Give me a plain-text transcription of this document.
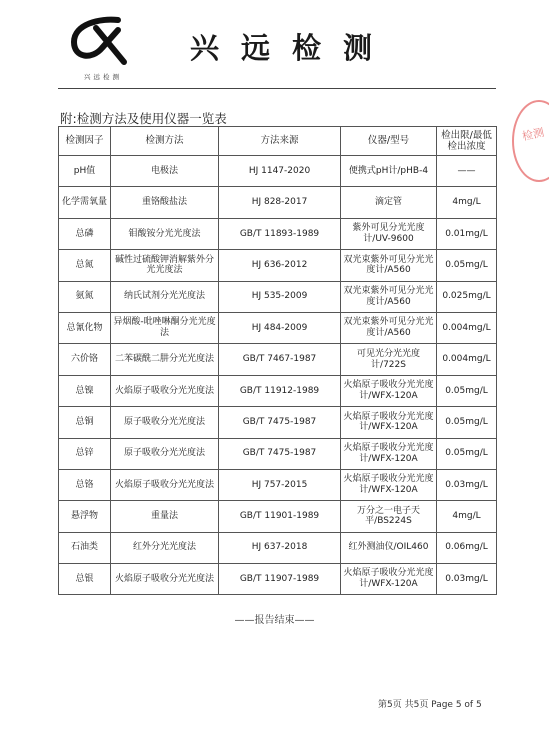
兴远检测
兴远检测
检测
附:检测方法及使用仪器一览表
检测因子	检测方法	方法来源	仪器/型号	检出限/最低检出浓度
pH值	电极法	HJ 1147-2020	便携式pH计/pHB-4	——
化学需氧量	重铬酸盐法	HJ 828-2017	滴定管	4mg/L
总磷	钼酸铵分光光度法	GB/T 11893-1989	紫外可见分光光度计/UV-9600	0.01mg/L
总氮	碱性过硫酸钾消解紫外分光光度法	HJ 636-2012	双光束紫外可见分光光度计/A560	0.05mg/L
氨氮	纳氏试剂分光光度法	HJ 535-2009	双光束紫外可见分光光度计/A560	0.025mg/L
总氰化物	异烟酸-吡唑啉酮分光光度法	HJ 484-2009	双光束紫外可见分光光度计/A560	0.004mg/L
六价铬	二苯碳酰二肼分光光度法	GB/T 7467-1987	可见光分光光度计/722S	0.004mg/L
总镍	火焰原子吸收分光光度法	GB/T 11912-1989	火焰原子吸收分光光度计/WFX-120A	0.05mg/L
总铜	原子吸收分光光度法	GB/T 7475-1987	火焰原子吸收分光光度计/WFX-120A	0.05mg/L
总锌	原子吸收分光光度法	GB/T 7475-1987	火焰原子吸收分光光度计/WFX-120A	0.05mg/L
总铬	火焰原子吸收分光光度法	HJ 757-2015	火焰原子吸收分光光度计/WFX-120A	0.03mg/L
悬浮物	重量法	GB/T 11901-1989	万分之一电子天平/BS224S	4mg/L
石油类	红外分光光度法	HJ 637-2018	红外测油仪/OIL460	0.06mg/L
总银	火焰原子吸收分光光度法	GB/T 11907-1989	火焰原子吸收分光光度计/WFX-120A	0.03mg/L
——报告结束——
第5页 共5页 Page 5 of 5
